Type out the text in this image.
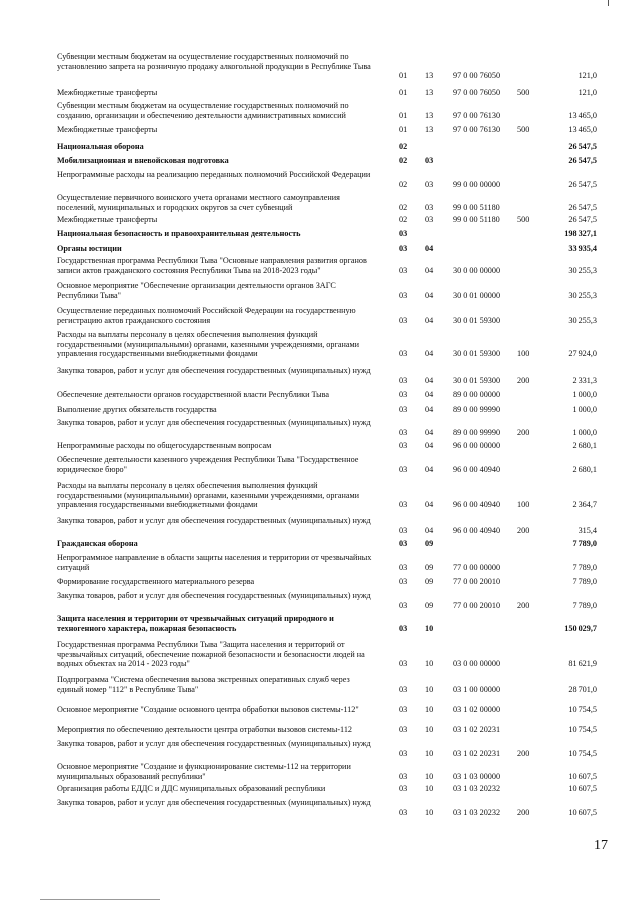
Субвенции местным бюджетам на осуществление государственных полномочий по установлению запрета на розничную продажу алкогольной продукции в Республике Тыва
01	13	97 0 00 76050	121,0
Межбюджетные трансферты	01	13	97 0 00 76050	500	121,0
Субвенции местным бюджетам на осуществление государственных полномочий по созданию, организации и обеспечению деятельности административных комиссий	01	13	97 0 00 76130	13 465,0
Межбюджетные трансферты	01	13	97 0 00 76130	500	13 465,0
Национальная оборона	02	26 547,5
Мобилизационная и вневойсковая подготовка	02	03	26 547,5
Непрограммные расходы на реализацию переданных полномочий Российской Федерации
02	03	99 0 00 00000	26 547,5
Осуществление первичного воинского учета органами местного самоуправления поселений, муниципальных и городских округов за счет субвенций	02	03	99 0 00 51180	26 547,5
Межбюджетные трансферты	02	03	99 0 00 51180	500	26 547,5
Национальная безопасность и правоохранительная деятельность	03	198 327,1
Органы юстиции	03	04	33 935,4
Государственная программа Республики Тыва "Основные направления развития органов записи актов гражданского состояния Республики Тыва на 2018-2023 годы"	03	04	30 0 00 00000	30 255,3
Основное мероприятие "Обеспечение организации деятельности органов ЗАГС Республики Тыва"	03	04	30 0 01 00000	30 255,3
Осуществление переданных полномочий Российской Федерации на государственную регистрацию актов гражданского состояния	03	04	30 0 01 59300	30 255,3
Расходы на выплаты персоналу в целях обеспечения выполнения функций государственными (муниципальными) органами, казенными учреждениями, органами управления государственными внебюджетными фондами	03	04	30 0 01 59300	100	27 924,0
Закупка товаров, работ и услуг для обеспечения государственных (муниципальных) нужд
03	04	30 0 01 59300	200	2 331,3
Обеспечение деятельности органов государственной власти Республики Тыва	03	04	89 0 00 00000	1 000,0
Выполнение других обязательств государства	03	04	89 0 00 99990	1 000,0
Закупка товаров, работ и услуг для обеспечения государственных (муниципальных) нужд
03	04	89 0 00 99990	200	1 000,0
Непрограммные расходы по общегосударственным вопросам	03	04	96 0 00 00000	2 680,1
Обеспечение деятельности казенного учреждения Республики Тыва "Государственное юридическое бюро"	03	04	96 0 00 40940	2 680,1
Расходы на выплаты персоналу в целях обеспечения выполнения функций государственными (муниципальными) органами, казенными учреждениями, органами управления государственными внебюджетными фондами	03	04	96 0 00 40940	100	2 364,7
Закупка товаров, работ и услуг для обеспечения государственных (муниципальных) нужд
03	04	96 0 00 40940	200	315,4
Гражданская оборона	03	09	7 789,0
Непрограммное направление в области защиты населения и территории от чрезвычайных ситуаций	03	09	77 0 00 00000	7 789,0
Формирование государственного материального резерва	03	09	77 0 00 20010	7 789,0
Закупка товаров, работ и услуг для обеспечения государственных (муниципальных) нужд
03	09	77 0 00 20010	200	7 789,0
Защита населения и территории от чрезвычайных ситуаций природного и техногенного характера, пожарная безопасность	03	10	150 029,7
Государственная программа Республики Тыва "Защита населения и территорий от чрезвычайных ситуаций, обеспечение пожарной безопасности и безопасности людей на водных объектах на 2014 - 2023 годы"	03	10	03 0 00 00000	81 621,9
Подпрограмма "Система обеспечения вызова экстренных оперативных служб через единый номер "112" в Республике Тыва"	03	10	03 1 00 00000	28 701,0
Основное мероприятие "Создание основного центра обработки вызовов системы-112"	03	10	03 1 02 00000	10 754,5
Мероприятия по обеспечению деятельности центра отработки вызовов системы-112	03	10	03 1 02 20231	10 754,5
Закупка товаров, работ и услуг для обеспечения государственных (муниципальных) нужд
03	10	03 1 02 20231	200	10 754,5
Основное мероприятие "Создание и функционирование системы-112 на территории муниципальных образований республики"	03	10	03 1 03 00000	10 607,5
Организация работы ЕДДС и ДДС муниципальных образований республики	03	10	03 1 03 20232	10 607,5
Закупка товаров, работ и услуг для обеспечения государственных (муниципальных) нужд
03	10	03 1 03 20232	200	10 607,5
17
